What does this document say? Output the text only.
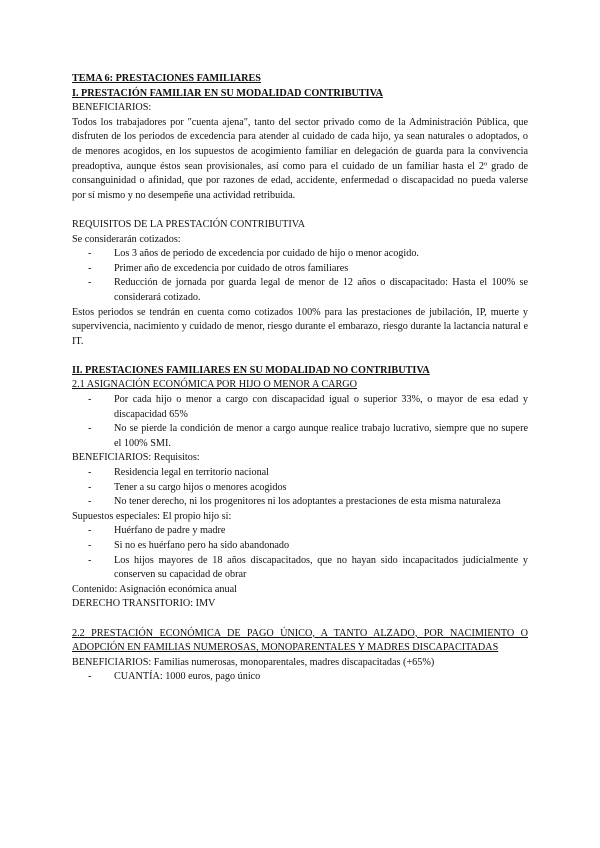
TEMA 6: PRESTACIONES FAMILIARES

I. PRESTACIÓN FAMILIAR EN SU MODALIDAD CONTRIBUTIVA

BENEFICIARIOS:

Todos los trabajadores por "cuenta ajena", tanto del sector privado como de la Administración Pública, que disfruten de los periodos de excedencia para atender al cuidado de cada hijo, ya sean naturales o adoptados, o de menores acogidos, en los supuestos de acogimiento familiar en delegación de guarda para la convivencia preadoptiva, aunque éstos sean provisionales, así como para el cuidado de un familiar hasta el 2º grado de consanguinidad o afinidad, que por razones de edad, accidente, enfermedad o discapacidad no pueda valerse por sí mismo y no desempeñe una actividad retribuida.

REQUISITOS DE LA PRESTACIÓN CONTRIBUTIVA

Se considerarán cotizados:

- Los 3 años de periodo de excedencia por cuidado de hijo o menor acogido.
- Primer año de excedencia por cuidado de otros familiares
- Reducción de jornada por guarda legal de menor de 12 años o discapacitado: Hasta el 100% se considerará cotizado.

Estos periodos se tendrán en cuenta como cotizados 100% para las prestaciones de jubilación, IP, muerte y supervivencia, nacimiento y cuidado de menor, riesgo durante el embarazo, riesgo durante la lactancia natural e IT.

II. PRESTACIONES FAMILIARES EN SU MODALIDAD NO CONTRIBUTIVA

2.1 ASIGNACIÓN ECONÓMICA POR HIJO O MENOR A CARGO

- Por cada hijo o menor a cargo con discapacidad igual o superior 33%, o mayor de esa edad y discapacidad 65%
- No se pierde la condición de menor a cargo aunque realice trabajo lucrativo, siempre que no supere el 100% SMI.

BENEFICIARIOS: Requisitos:

- Residencia legal en territorio nacional
- Tener a su cargo hijos o menores acogidos
- No tener derecho, ni los progenitores ni los adoptantes a prestaciones de esta misma naturaleza

Supuestos especiales: El propio hijo si:

- Huérfano de padre y madre
- Si no es huérfano pero ha sido abandonado
- Los hijos mayores de 18 años discapacitados, que no hayan sido incapacitados judicialmente y conserven su capacidad de obrar

Contenido: Asignación económica anual

DERECHO TRANSITORIO: IMV

2.2 PRESTACIÓN ECONÓMICA DE PAGO ÚNICO, A TANTO ALZADO, POR NACIMIENTO O ADOPCIÓN EN FAMILIAS NUMEROSAS, MONOPARENTALES Y MADRES DISCAPACITADAS

BENEFICIARIOS: Familias numerosas, monoparentales, madres discapacitadas (+65%)

- CUANTÍA: 1000 euros, pago único
